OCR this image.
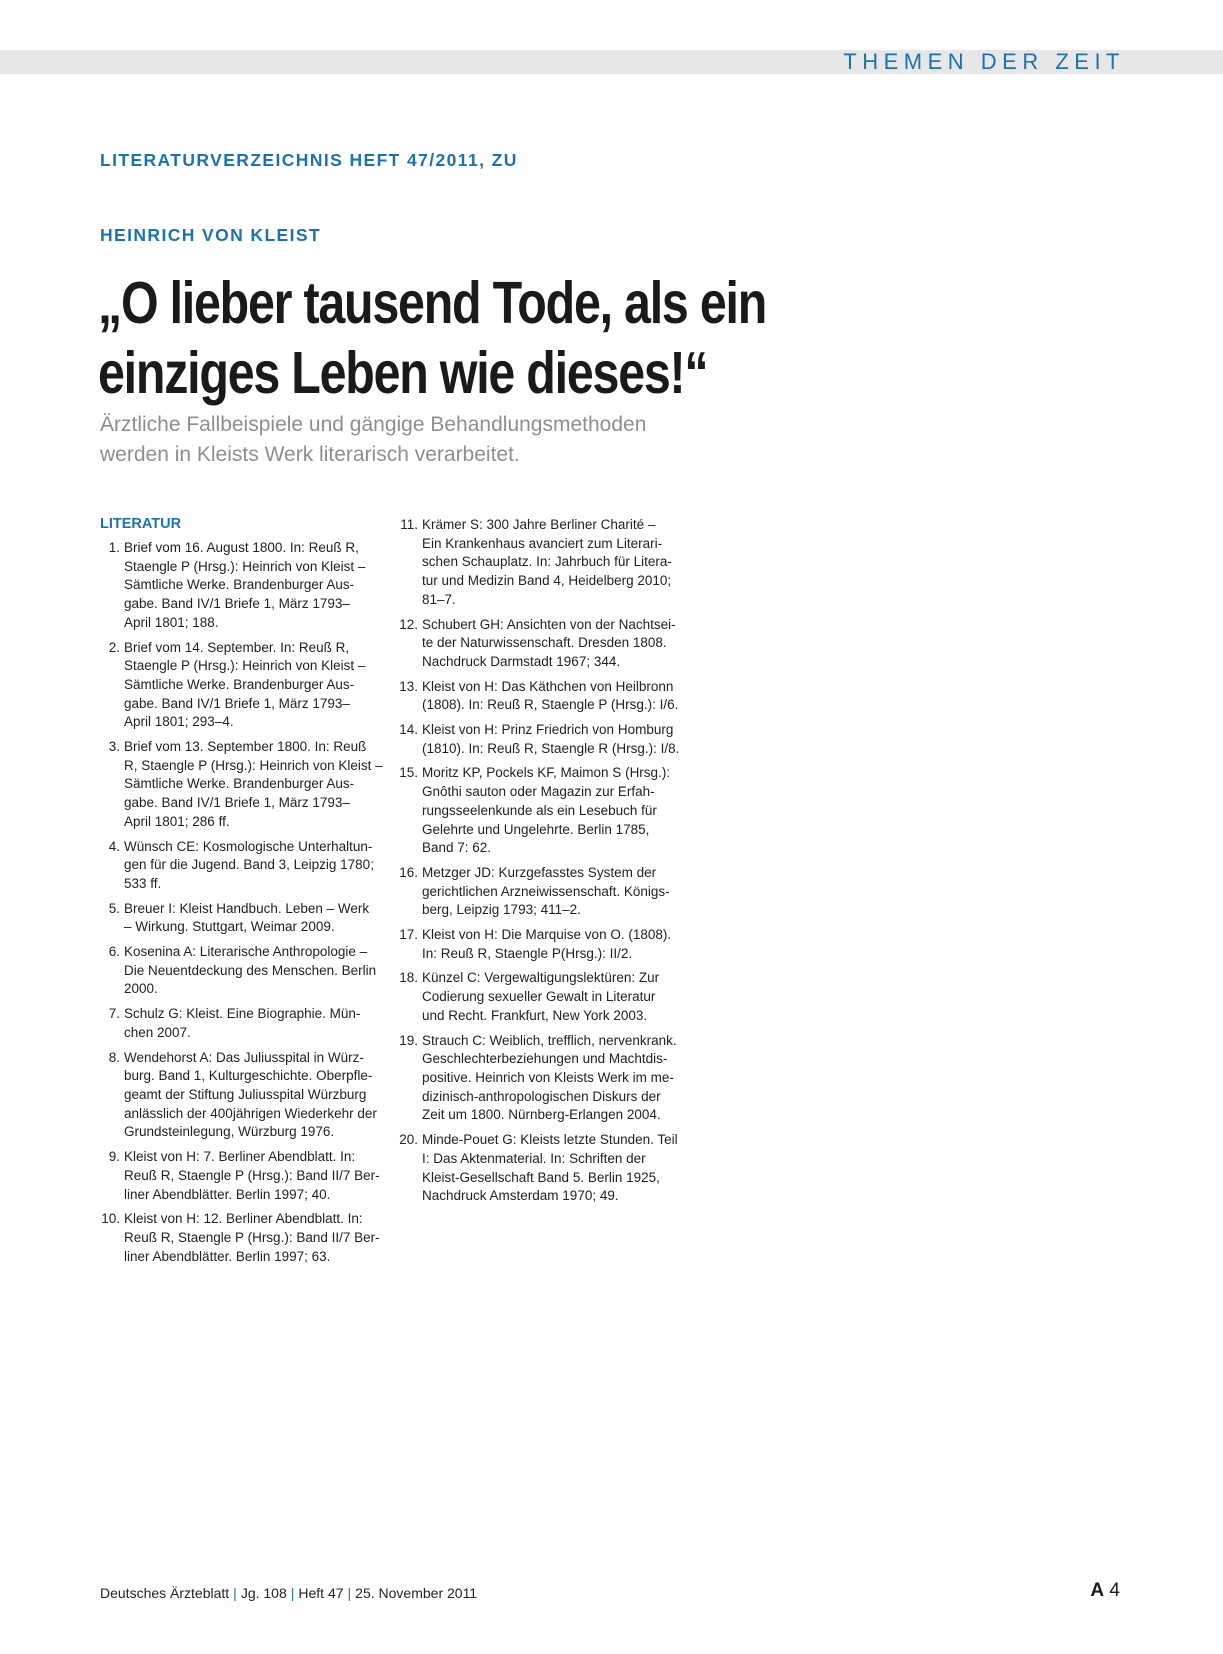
THEMEN DER ZEIT
LITERATURVERZEICHNIS HEFT 47/2011, ZU
HEINRICH VON KLEIST
„O lieber tausend Tode, als ein
einziges Leben wie dieses!“
Ärztliche Fallbeispiele und gängige Behandlungsmethoden
werden in Kleists Werk literarisch verarbeitet.
LITERATUR
1. Brief vom 16. August 1800. In: Reuß R,
Staengle P (Hrsg.): Heinrich von Kleist –
Sämtliche Werke. Brandenburger Aus-
gabe. Band IV/1 Briefe 1, März 1793–
April 1801; 188.
2. Brief vom 14. September. In: Reuß R,
Staengle P (Hrsg.): Heinrich von Kleist –
Sämtliche Werke. Brandenburger Aus-
gabe. Band IV/1 Briefe 1, März 1793–
April 1801; 293–4.
3. Brief vom 13. September 1800. In: Reuß
R, Staengle P (Hrsg.): Heinrich von Kleist –
Sämtliche Werke. Brandenburger Aus-
gabe. Band IV/1 Briefe 1, März 1793–
April 1801; 286 ff.
4. Wünsch CE: Kosmologische Unterhaltun-
gen für die Jugend. Band 3, Leipzig 1780;
533 ff.
5. Breuer I: Kleist Handbuch. Leben – Werk
– Wirkung. Stuttgart, Weimar 2009.
6. Kosenina A: Literarische Anthropologie –
Die Neuentdeckung des Menschen. Berlin
2000.
7. Schulz G: Kleist. Eine Biographie. Mün-
chen 2007.
8. Wendehorst A: Das Juliusspital in Würz-
burg. Band 1, Kulturgeschichte. Oberpfle-
geamt der Stiftung Juliusspital Würzburg
anlässlich der 400jährigen Wiederkehr der
Grundsteinlegung, Würzburg 1976.
9. Kleist von H: 7. Berliner Abendblatt. In:
Reuß R, Staengle P (Hrsg.): Band II/7 Ber-
liner Abendblätter. Berlin 1997; 40.
10. Kleist von H: 12. Berliner Abendblatt. In:
Reuß R, Staengle P (Hrsg.): Band II/7 Ber-
liner Abendblätter. Berlin 1997; 63.
11. Krämer S: 300 Jahre Berliner Charité –
Ein Krankenhaus avanciert zum Literari-
schen Schauplatz. In: Jahrbuch für Litera-
tur und Medizin Band 4, Heidelberg 2010;
81–7.
12. Schubert GH: Ansichten von der Nachtsei-
te der Naturwissenschaft. Dresden 1808.
Nachdruck Darmstadt 1967; 344.
13. Kleist von H: Das Käthchen von Heilbronn
(1808). In: Reuß R, Staengle P (Hrsg.): I/6.
14. Kleist von H: Prinz Friedrich von Homburg
(1810). In: Reuß R, Staengle R (Hrsg.): I/8.
15. Moritz KP, Pockels KF, Maimon S (Hrsg.):
Gnôthi sauton oder Magazin zur Erfah-
rungsseelenkunde als ein Lesebuch für
Gelehrte und Ungelehrte. Berlin 1785,
Band 7: 62.
16. Metzger JD: Kurzgefasstes System der
gerichtlichen Arzneiwissenschaft. Königs-
berg, Leipzig 1793; 411–2.
17. Kleist von H: Die Marquise von O. (1808).
In: Reuß R, Staengle P(Hrsg.): II/2.
18. Künzel C: Vergewaltigungslektüren: Zur
Codierung sexueller Gewalt in Literatur
und Recht. Frankfurt, New York 2003.
19. Strauch C: Weiblich, trefflich, nervenkrank.
Geschlechterbeziehungen und Machtdis-
positive. Heinrich von Kleists Werk im me-
dizinisch-anthropologischen Diskurs der
Zeit um 1800. Nürnberg-Erlangen 2004.
20. Minde-Pouet G: Kleists letzte Stunden. Teil
I: Das Aktenmaterial. In: Schriften der
Kleist-Gesellschaft Band 5. Berlin 1925,
Nachdruck Amsterdam 1970; 49.
Deutsches Ärzteblatt | Jg. 108 | Heft 47 | 25. November 2011	A 4
